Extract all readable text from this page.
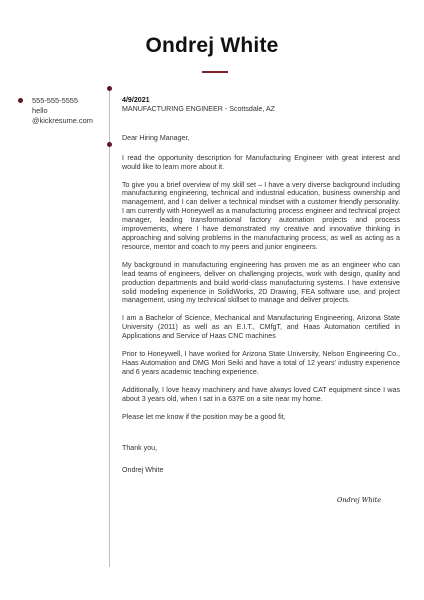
Ondrej White
555-555-5555
hello
@kickresume.com
4/9/2021
MANUFACTURING ENGINEER - Scottsdale, AZ
Dear Hiring Manager,

I read the opportunity description for Manufacturing Engineer with great interest and would like to learn more about it.

To give you a brief overview of my skill set – I have a very diverse background including manufacturing engineering, technical and industrial education, business ownership and management, and I can deliver a technical mindset with a customer friendly personality. I am currently with Honeywell as a manufacturing process engineer and technical project manager, leading transformational factory automation projects and process improvements, where I have demonstrated my creative and innovative thinking in approaching and solving problems in the manufacturing process, as well as acting as a resource, mentor and coach to my peers and junior engineers.

My background in manufacturing engineering has proven me as an engineer who can lead teams of engineers, deliver on challenging projects, work with design, quality and production departments and build world-class manufacturing systems. I have extensive solid modeling experience in SolidWorks, 2D Drawing, FEA software use, and project management, using my technical skillset to manage and deliver projects.

I am a Bachelor of Science, Mechanical and Manufacturing Engineering, Arizona State University (2011) as well as an E.I.T., CMfgT, and Haas Automation certified in Applications and Service of Haas CNC machines

Prior to Honeywell, I have worked for Arizona State University, Nelson Engineering Co., Haas Automation and DMG Mori Seiki and have a total of 12 years' industry experience and 6 years academic teaching experience.

Additionally, I love heavy machinery and have always loved CAT equipment since I was about 3 years old, when I sat in a 637E on a site near my home.

Please let me know if the position may be a good fit,

Thank you,
Ondrej White
Ondrej White
